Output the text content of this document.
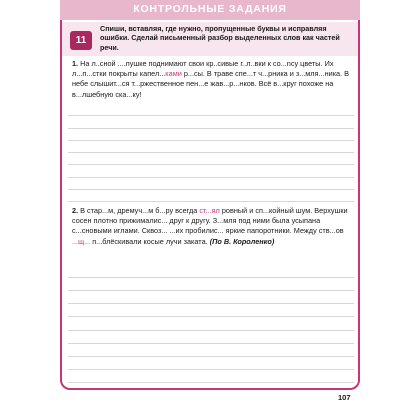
КОНТРОЛЬНЫЕ ЗАДАНИЯ
11
Спиши, вставляя, где нужно, пропущенные буквы и исправляя ошибки. Сделай письменный разбор выделенных слов как частей речи.
1. На л..сной ....пушке поднимают свои кр..сивые г..л..вки к со...ncу цветы. Их л...п...стки покрыты капел...ками р...сы. В траве спе...т ч...рника и з...мля...ника. В небе слышит...ся т...ржественное пен...е жав...р...нков. Всё в...круг похоже на в...лшебную ска...ку!
2. В стар...м, дремуч...м б...ру всегда ст...ял ровный и сп...койный шум. Верхушки сосен плотно прижималис... друг к другу. З...мля под ними была усыпана с...сновыми иглами. Сквоз... ...их пробилис... яркие папоротники. Между ств...ов ...щ... п...блёскивали косые лучи заката. (По В. Короленко)
107
